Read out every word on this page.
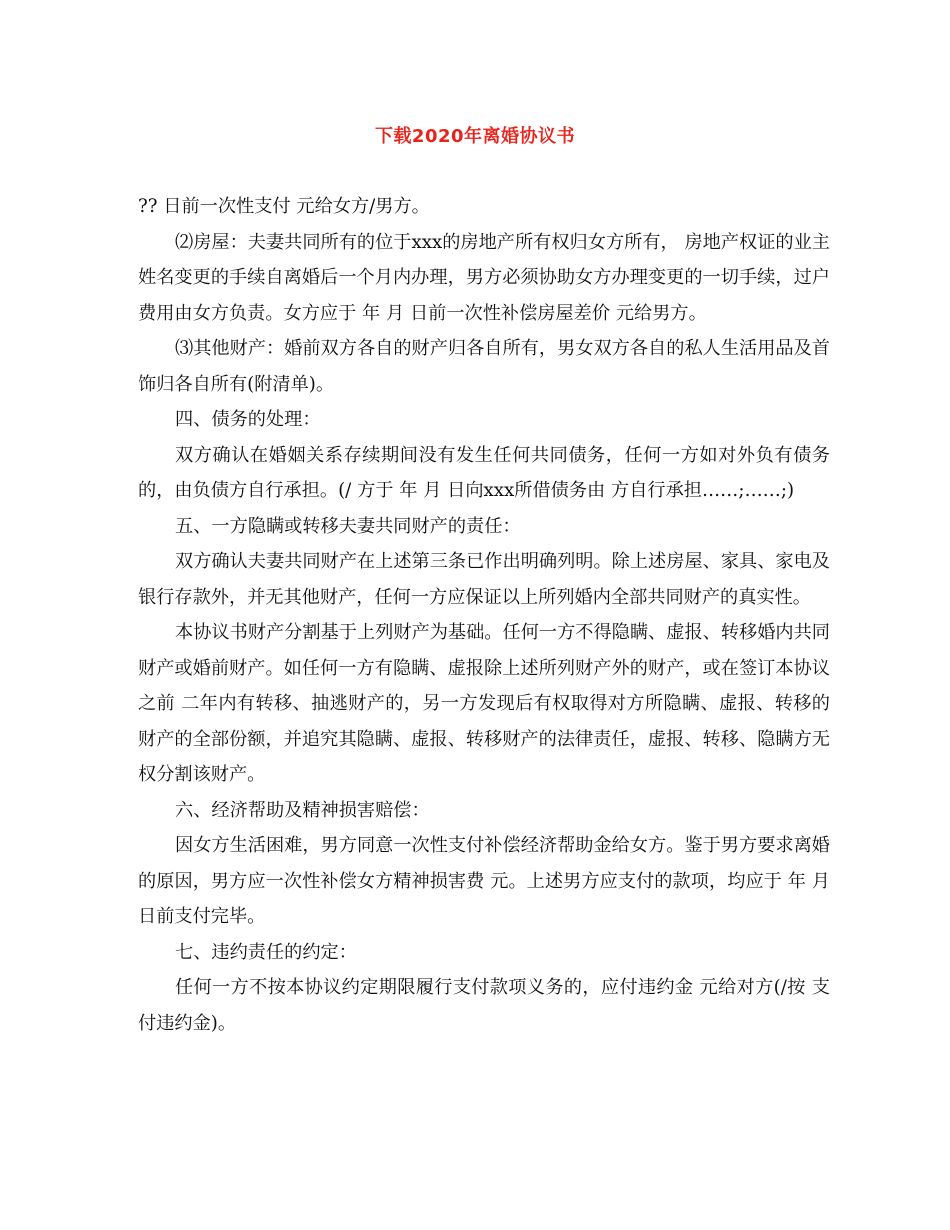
下载2020年离婚协议书

?? 日前一次性支付 元给女方/男方。

⑵房屋：夫妻共同所有的位于xxx的房地产所有权归女方所有， 房地产权证的业主姓名变更的手续自离婚后一个月内办理，男方必须协助女方办理变更的一切手续，过户费用由女方负责。女方应于 年 月 日前一次性补偿房屋差价 元给男方。

⑶其他财产：婚前双方各自的财产归各自所有，男女双方各自的私人生活用品及首饰归各自所有(附清单)。

四、债务的处理：

双方确认在婚姻关系存续期间没有发生任何共同债务，任何一方如对外负有债务的，由负债方自行承担。(/ 方于 年 月 日向xxx所借债务由 方自行承担……;……;)

五、一方隐瞒或转移夫妻共同财产的责任：

双方确认夫妻共同财产在上述第三条已作出明确列明。除上述房屋、家具、家电及银行存款外，并无其他财产，任何一方应保证以上所列婚内全部共同财产的真实性。

本协议书财产分割基于上列财产为基础。任何一方不得隐瞒、虚报、转移婚内共同财产或婚前财产。如任何一方有隐瞒、虚报除上述所列财产外的财产，或在签订本协议之前 二年内有转移、抽逃财产的，另一方发现后有权取得对方所隐瞒、虚报、转移的财产的全部份额，并追究其隐瞒、虚报、转移财产的法律责任，虚报、转移、隐瞒方无权分割该财产。

六、经济帮助及精神损害赔偿：

因女方生活困难，男方同意一次性支付补偿经济帮助金给女方。鉴于男方要求离婚的原因，男方应一次性补偿女方精神损害费 元。上述男方应支付的款项，均应于 年 月 日前支付完毕。

七、违约责任的约定：

任何一方不按本协议约定期限履行支付款项义务的，应付违约金 元给对方(/按 支付违约金)。
